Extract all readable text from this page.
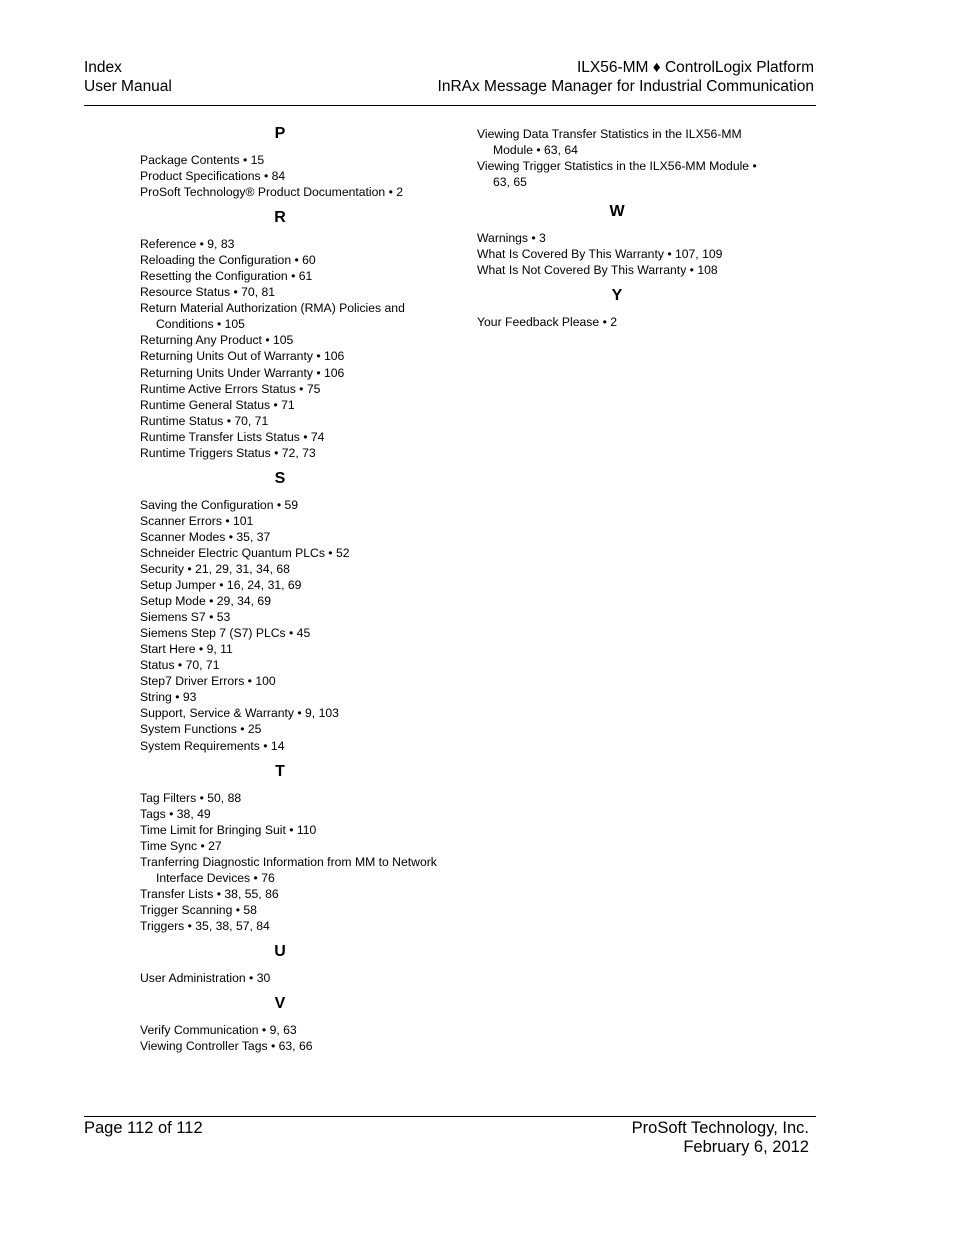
Index
User Manual
ILX56-MM ♦ ControlLogix Platform
InRAx Message Manager for Industrial Communication
P
Package Contents • 15
Product Specifications • 84
ProSoft Technology® Product Documentation • 2
R
Reference • 9, 83
Reloading the Configuration • 60
Resetting the Configuration • 61
Resource Status • 70, 81
Return Material Authorization (RMA) Policies and Conditions • 105
Returning Any Product • 105
Returning Units Out of Warranty • 106
Returning Units Under Warranty • 106
Runtime Active Errors Status • 75
Runtime General Status • 71
Runtime Status • 70, 71
Runtime Transfer Lists Status • 74
Runtime Triggers Status • 72, 73
S
Saving the Configuration • 59
Scanner Errors • 101
Scanner Modes • 35, 37
Schneider Electric Quantum PLCs • 52
Security • 21, 29, 31, 34, 68
Setup Jumper • 16, 24, 31, 69
Setup Mode • 29, 34, 69
Siemens S7 • 53
Siemens Step 7 (S7) PLCs • 45
Start Here • 9, 11
Status • 70, 71
Step7 Driver Errors • 100
String • 93
Support, Service & Warranty • 9, 103
System Functions • 25
System Requirements • 14
T
Tag Filters • 50, 88
Tags • 38, 49
Time Limit for Bringing Suit • 110
Time Sync • 27
Tranferring Diagnostic Information from MM to Network Interface Devices • 76
Transfer Lists • 38, 55, 86
Trigger Scanning • 58
Triggers • 35, 38, 57, 84
U
User Administration • 30
V
Verify Communication • 9, 63
Viewing Controller Tags • 63, 66
Viewing Data Transfer Statistics in the ILX56-MM Module • 63, 64
Viewing Trigger Statistics in the ILX56-MM Module • 63, 65
W
Warnings • 3
What Is Covered By This Warranty • 107, 109
What Is Not Covered By This Warranty • 108
Y
Your Feedback Please • 2
Page 112 of 112	ProSoft Technology, Inc.
February 6, 2012
